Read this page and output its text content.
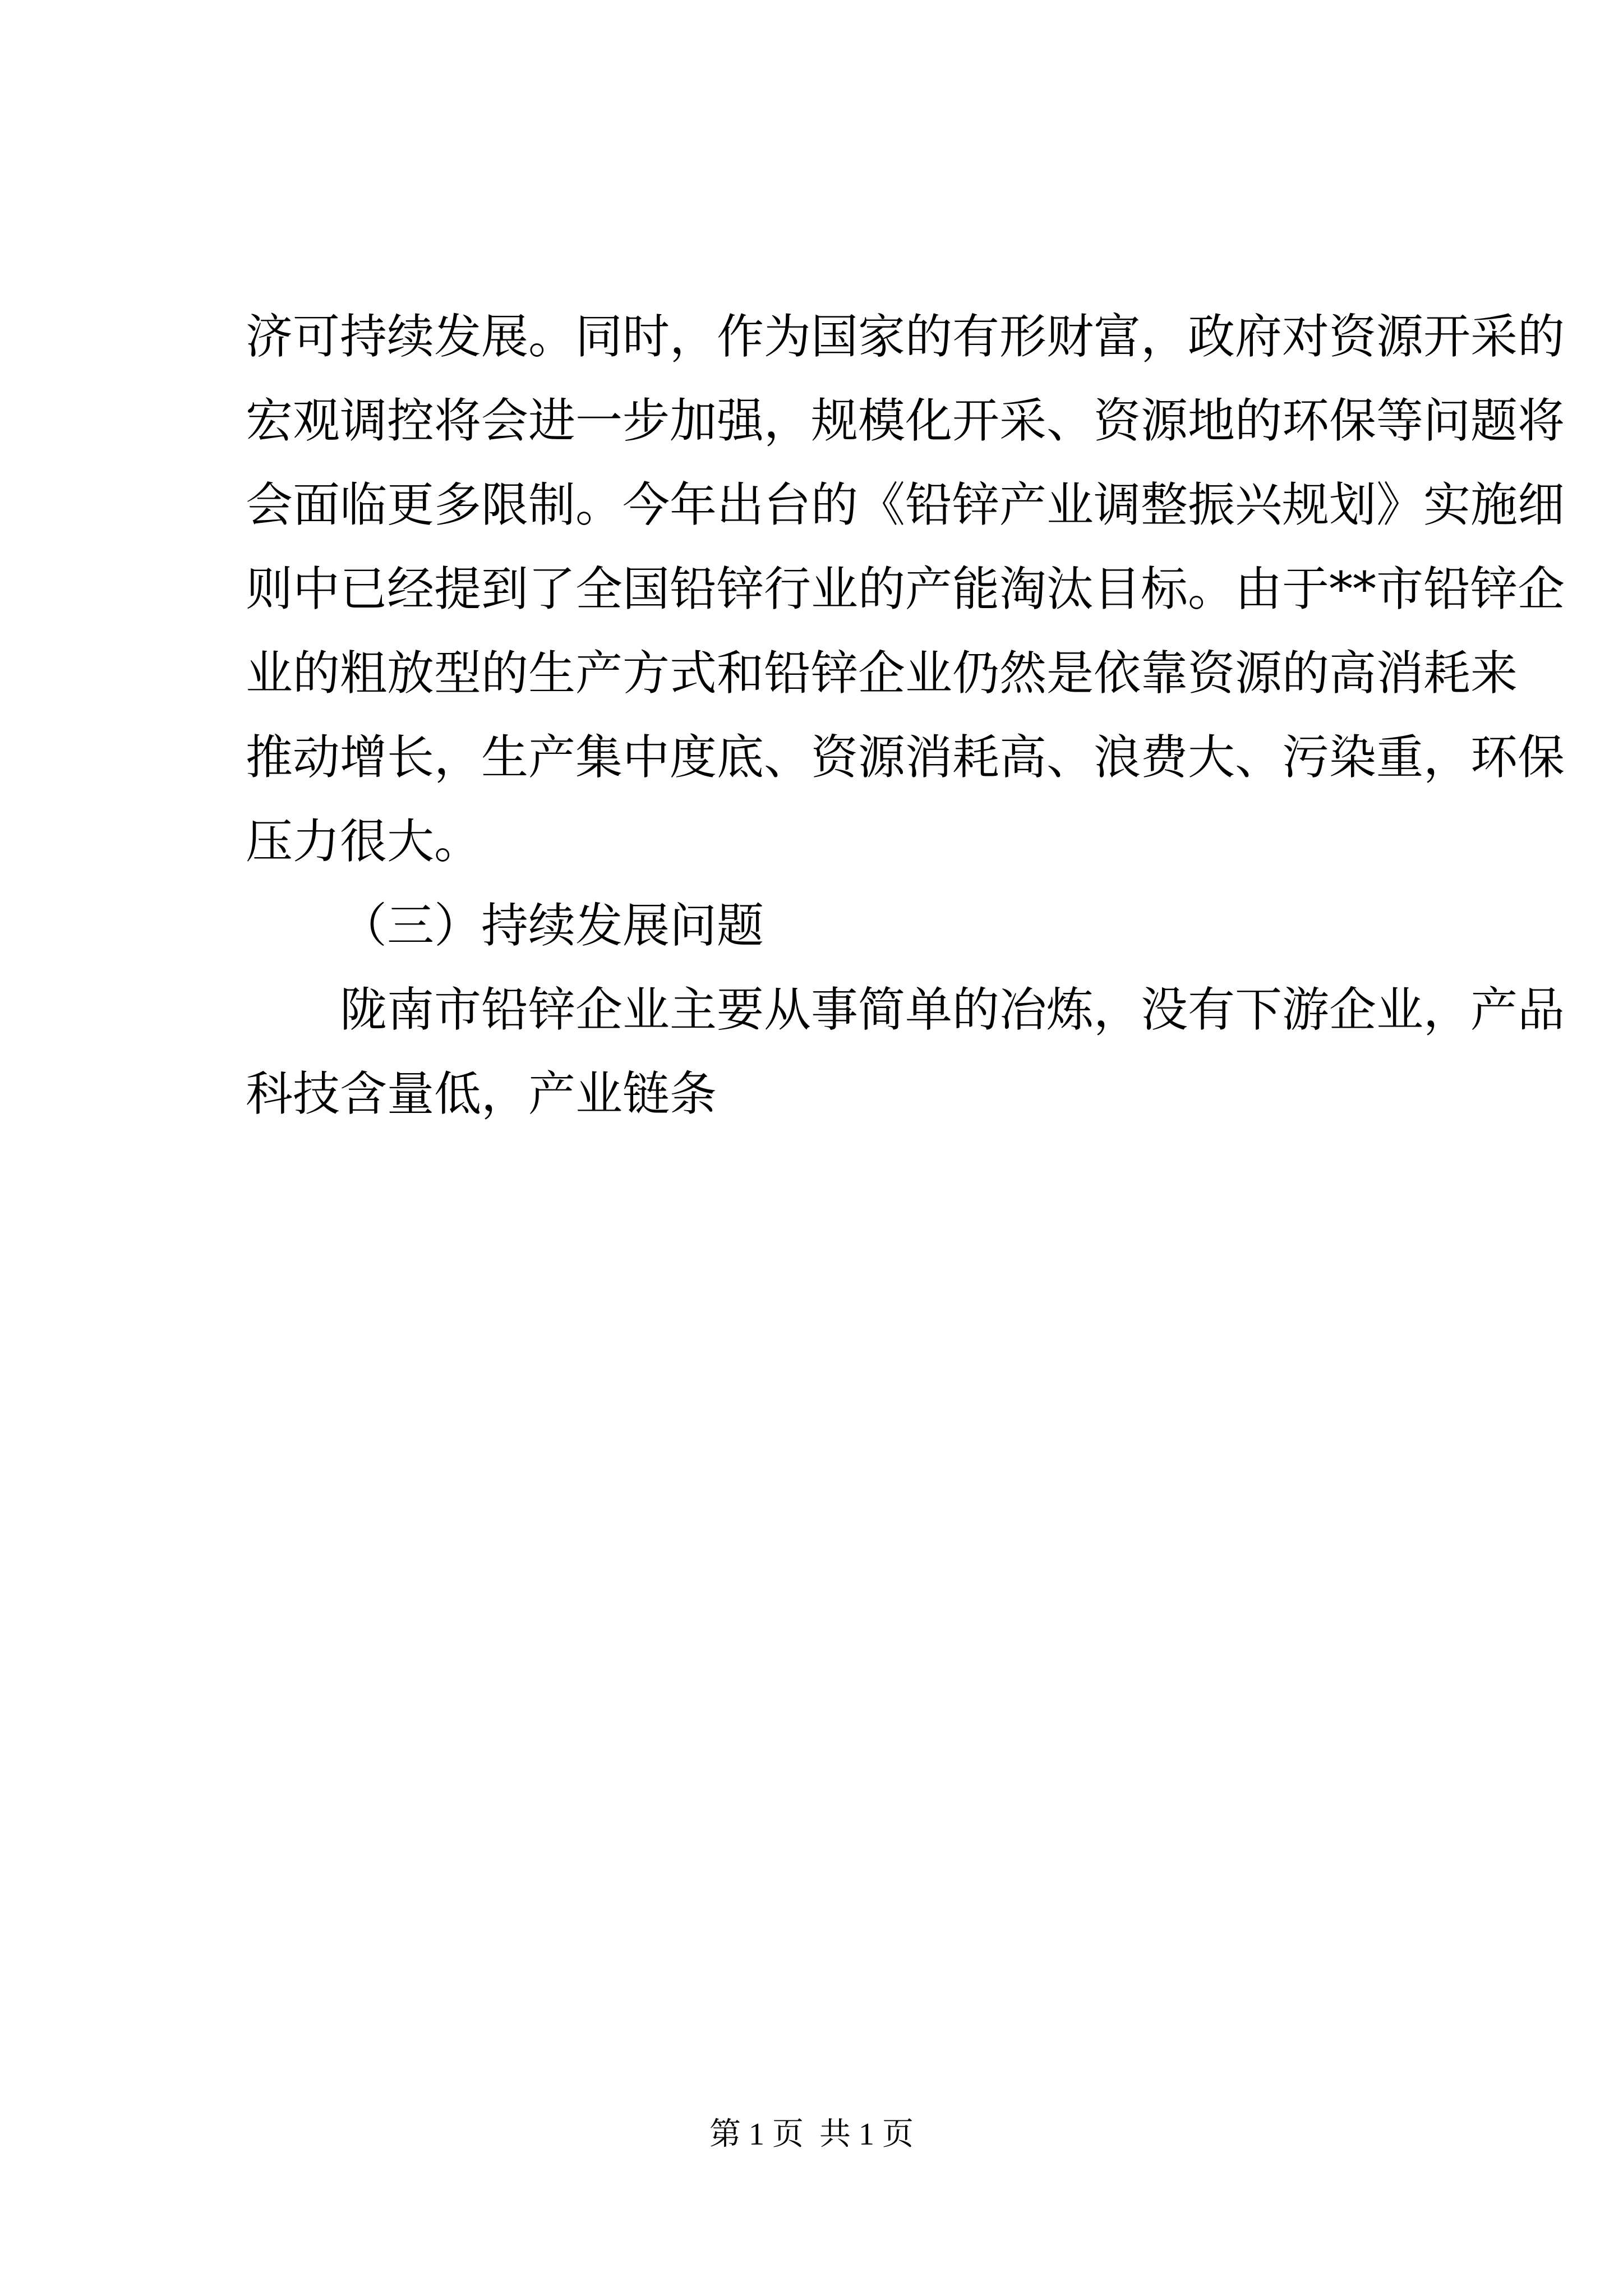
济可持续发展。同时，作为国家的有形财富，政府对资源开采的
宏观调控将会进一步加强，规模化开采、资源地的环保等问题将
会面临更多限制。今年出台的《铅锌产业调整振兴规划》实施细
则中已经提到了全国铅锌行业的产能淘汰目标。由于**市铅锌企
业的粗放型的生产方式和铅锌企业仍然是依靠资源的高消耗来
推动增长，生产集中度底、资源消耗高、浪费大、污染重，环保
压力很大。
（三）持续发展问题
陇南市铅锌企业主要从事简单的冶炼，没有下游企业，产品
科技含量低，产业链条
第 1 页 共 1 页
